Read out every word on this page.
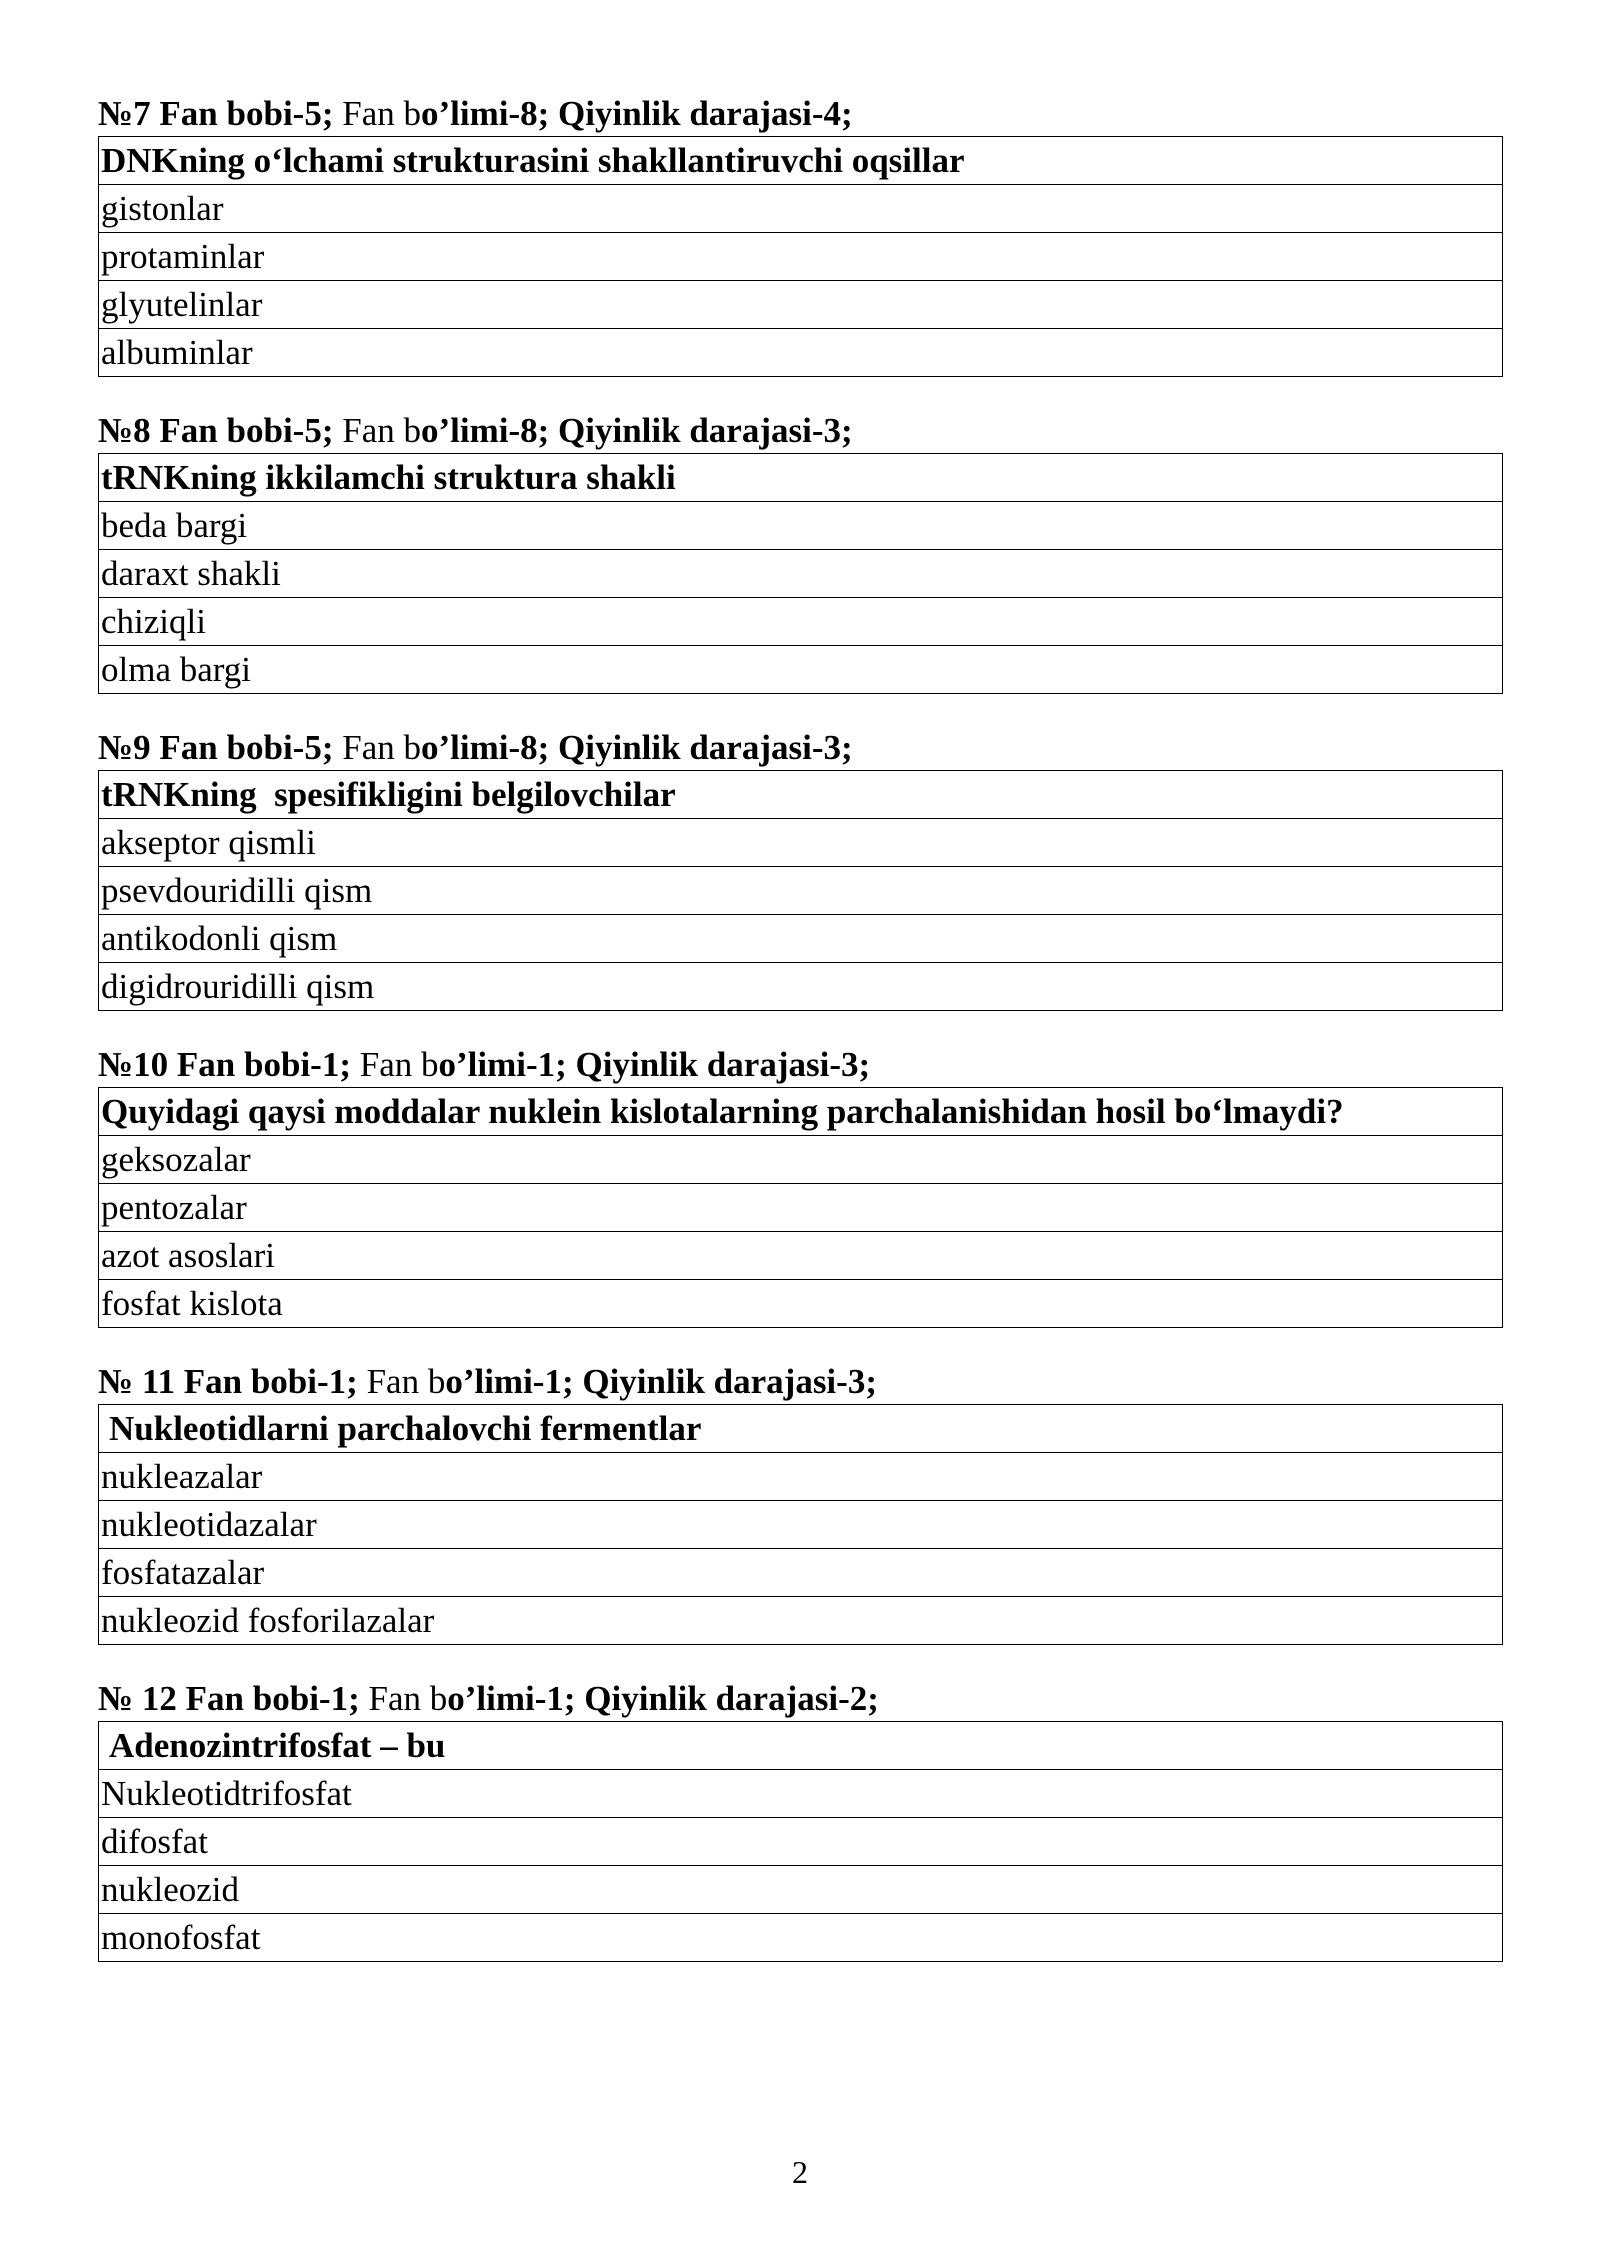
№7 Fan bobi-5; Fan bo’limi-8; Qiyinlik darajasi-4;
DNKning o‘lchami strukturasini shakllantiruvchi oqsillar
gistonlar
protaminlar
glyutelinlar
albuminlar
№8 Fan bobi-5; Fan bo’limi-8; Qiyinlik darajasi-3;
tRNKning ikkilamchi struktura shakli
beda bargi
daraxt shakli
chiziqli
olma bargi
№9 Fan bobi-5; Fan bo’limi-8; Qiyinlik darajasi-3;
tRNKning  spesifikligini belgilovchilar
akseptor qismli
psevdouridilli qism
antikodonli qism
digidrouridilli qism
№10 Fan bobi-1; Fan bo’limi-1; Qiyinlik darajasi-3;
Quyidagi qaysi moddalar nuklein kislotalarning parchalanishidan hosil bo‘lmaydi?
geksozalar
pentozalar
azot asoslari
fosfat kislota
№ 11 Fan bobi-1; Fan bo’limi-1; Qiyinlik darajasi-3;
Nukleotidlarni parchalovchi fermentlar
nukleazalar
nukleotidazalar
fosfatazalar
nukleozid fosforilazalar
№ 12 Fan bobi-1; Fan bo’limi-1; Qiyinlik darajasi-2;
Adenozintrifosfat – bu
Nukleotidtrifosfat
difosfat
nukleozid
monofosfat
2
